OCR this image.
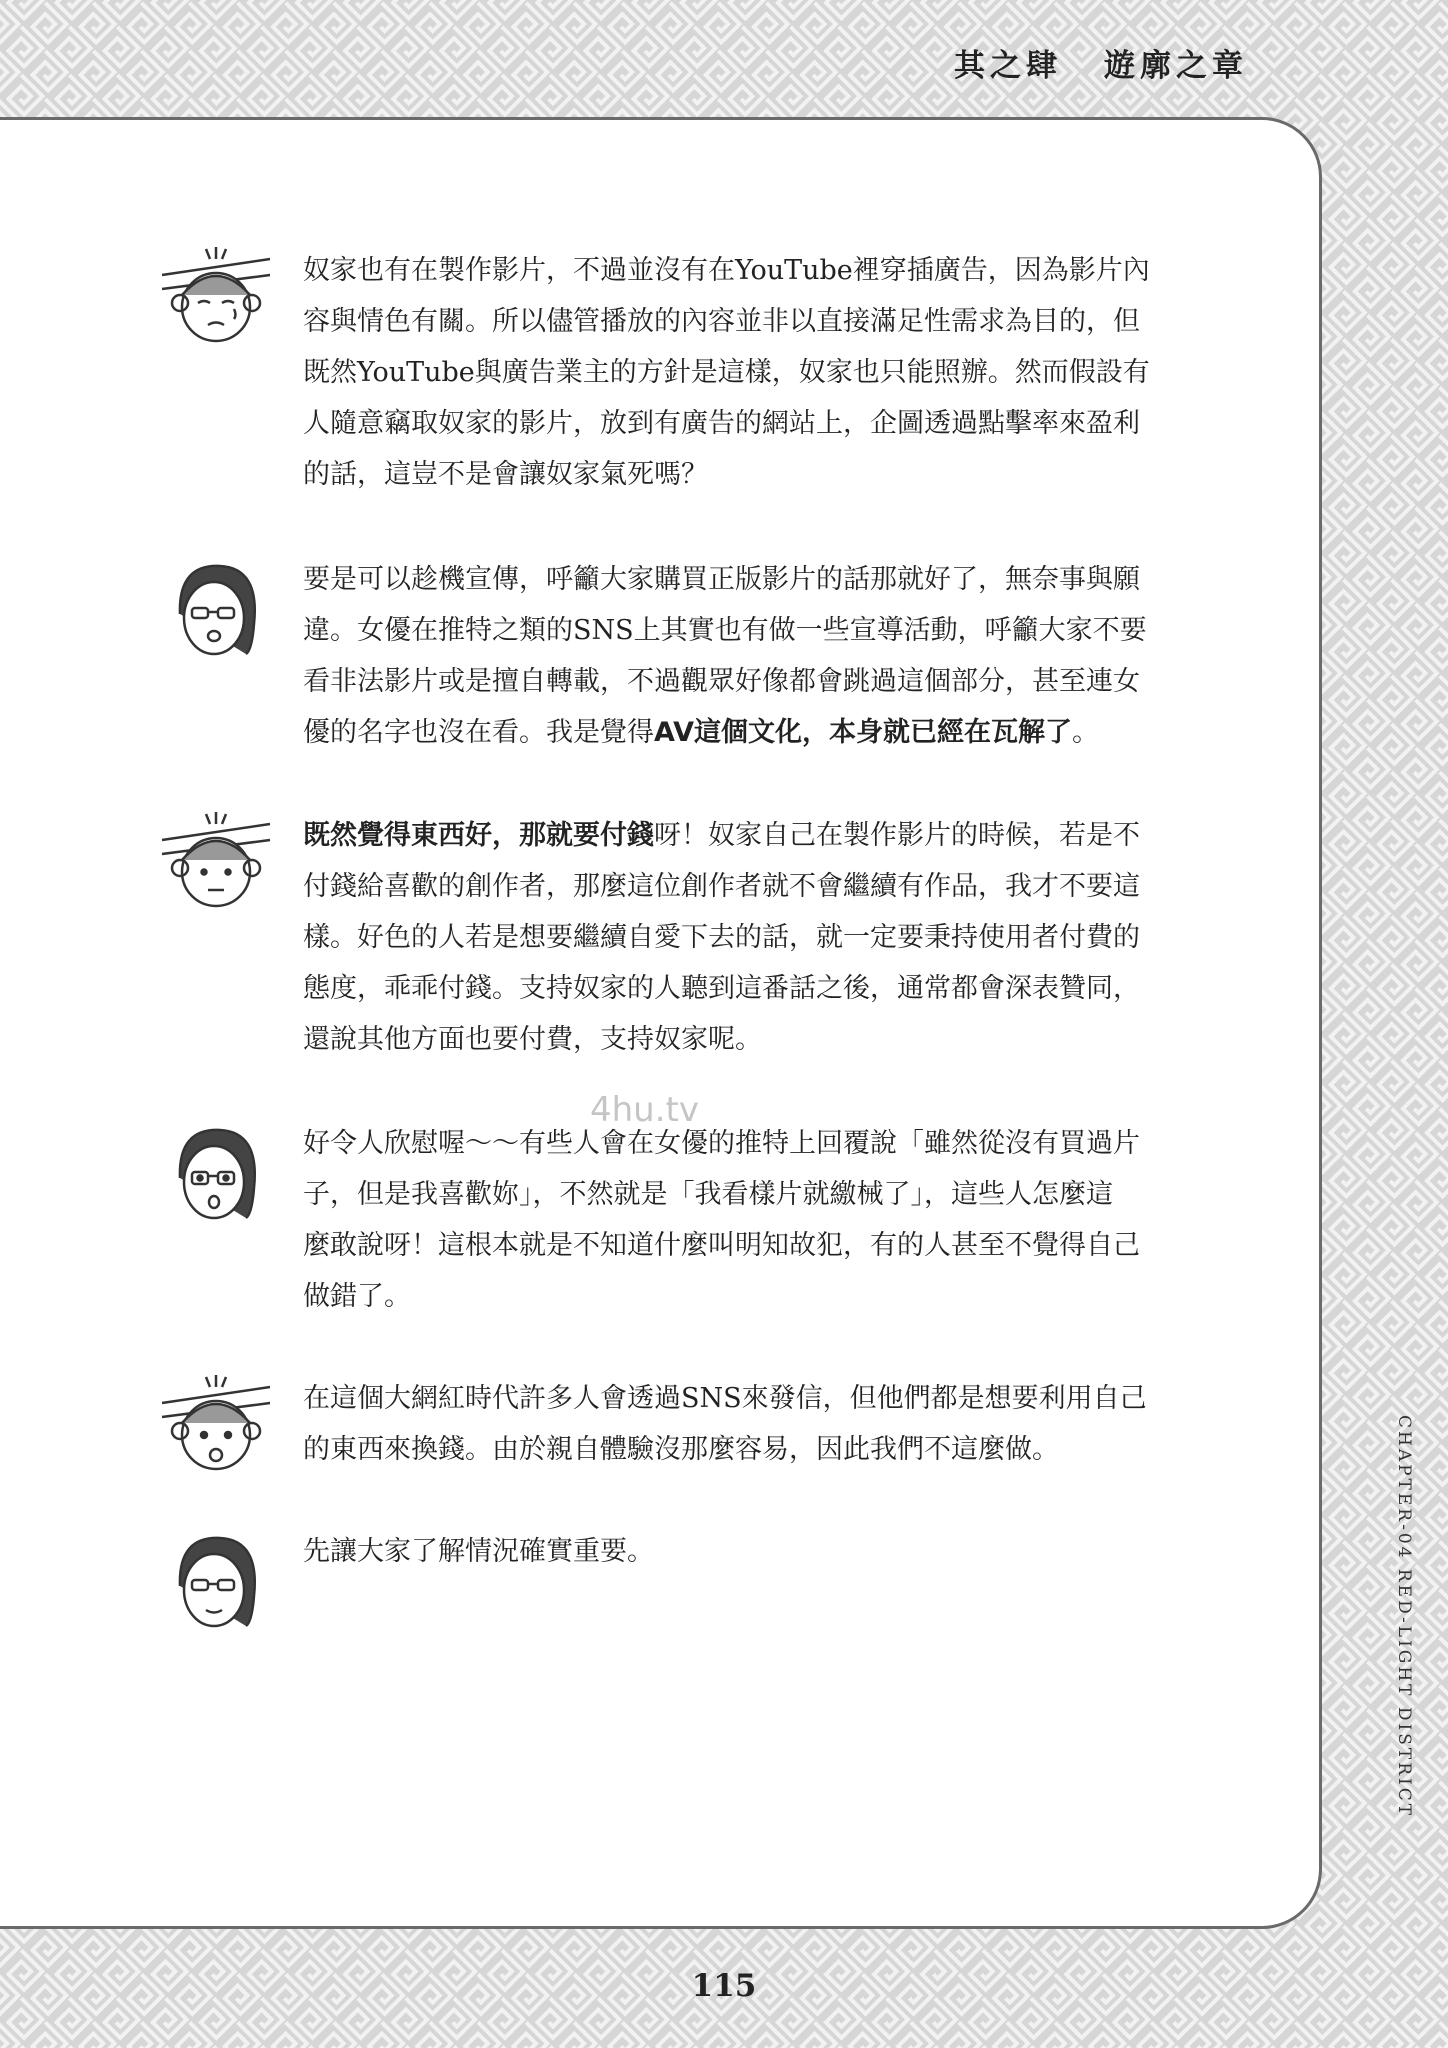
其之肆 遊廓之章
CHAPTER-04 RED-LIGHT DISTRICT
奴家也有在製作影片，不過並沒有在YouTube裡穿插廣告，因為影片內
容與情色有關。所以儘管播放的內容並非以直接滿足性需求為目的，但
既然YouTube與廣告業主的方針是這樣，奴家也只能照辦。然而假設有
人隨意竊取奴家的影片，放到有廣告的網站上，企圖透過點擊率來盈利
的話，這豈不是會讓奴家氣死嗎？
要是可以趁機宣傳，呼籲大家購買正版影片的話那就好了，無奈事與願
違。女優在推特之類的SNS上其實也有做一些宣導活動，呼籲大家不要
看非法影片或是擅自轉載，不過觀眾好像都會跳過這個部分，甚至連女
優的名字也沒在看。我是覺得AV這個文化，本身就已經在瓦解了。
既然覺得東西好，那就要付錢呀！奴家自己在製作影片的時候，若是不
付錢給喜歡的創作者，那麼這位創作者就不會繼續有作品，我才不要這
樣。好色的人若是想要繼續自愛下去的話，就一定要秉持使用者付費的
態度，乖乖付錢。支持奴家的人聽到這番話之後，通常都會深表贊同，
還說其他方面也要付費，支持奴家呢。
好令人欣慰喔～～有些人會在女優的推特上回覆說「雖然從沒有買過片
子，但是我喜歡妳」，不然就是「我看樣片就繳械了」，這些人怎麼這
麼敢說呀！這根本就是不知道什麼叫明知故犯，有的人甚至不覺得自己
做錯了。
在這個大網紅時代許多人會透過SNS來發信，但他們都是想要利用自己
的東西來換錢。由於親自體驗沒那麼容易，因此我們不這麼做。
先讓大家了解情況確實重要。
4hu.tv
115
